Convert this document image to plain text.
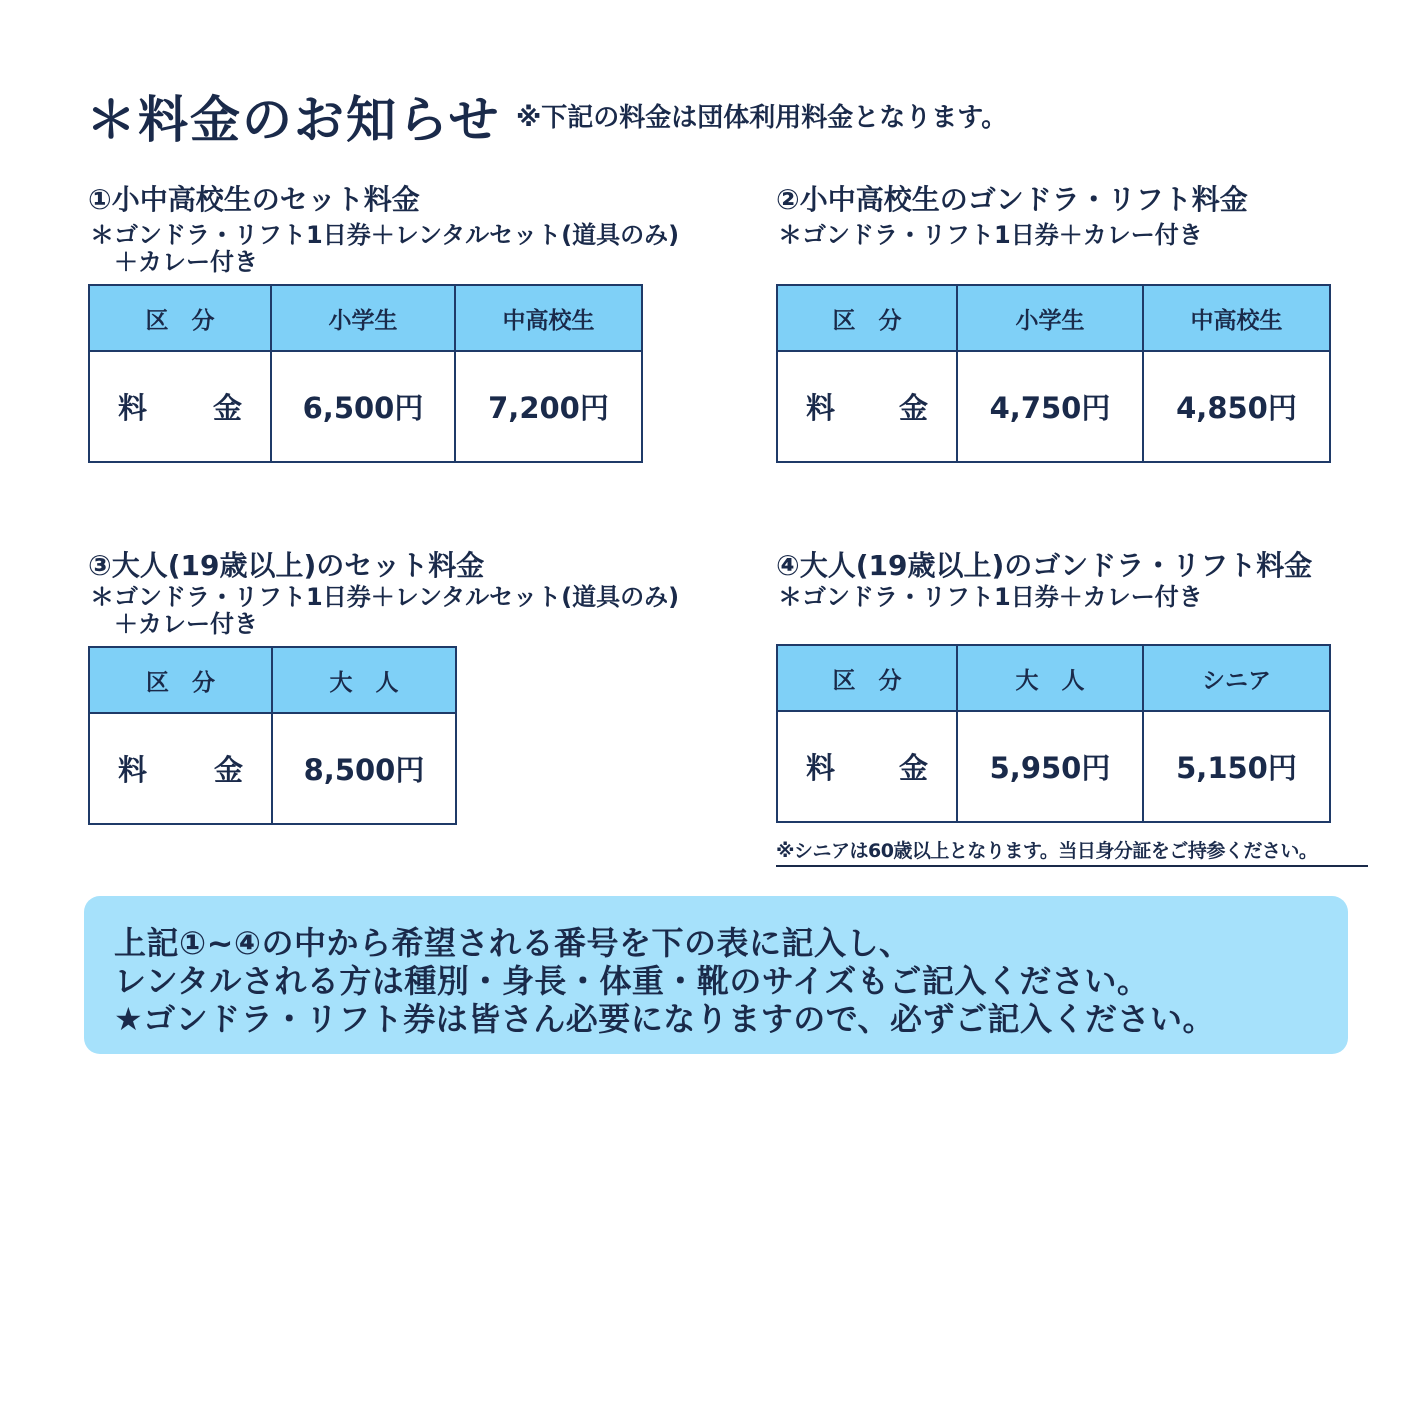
＊料金のお知らせ ※下記の料金は団体利用料金となります。
①小中高校生のセット料金
＊ゴンドラ・リフト1日券＋レンタルセット(道具のみ)
　＋カレー付き
区　分	小学生	中高校生

料 金	6,500円	7,200円
②小中高校生のゴンドラ・リフト料金
＊ゴンドラ・リフト1日券＋カレー付き
区　分	小学生	中高校生

料 金	4,750円	4,850円
③大人(19歳以上)のセット料金
＊ゴンドラ・リフト1日券＋レンタルセット(道具のみ)
　＋カレー付き
区　分	大　人

料 金	8,500円
④大人(19歳以上)のゴンドラ・リフト料金
＊ゴンドラ・リフト1日券＋カレー付き
区　分	大　人	シニア

料 金	5,950円	5,150円
※シニアは60歳以上となります。当日身分証をご持参ください。
上記①~④の中から希望される番号を下の表に記入し、
レンタルされる方は種別・身長・体重・靴のサイズもご記入ください。
★ゴンドラ・リフト券は皆さん必要になりますので、必ずご記入ください。
